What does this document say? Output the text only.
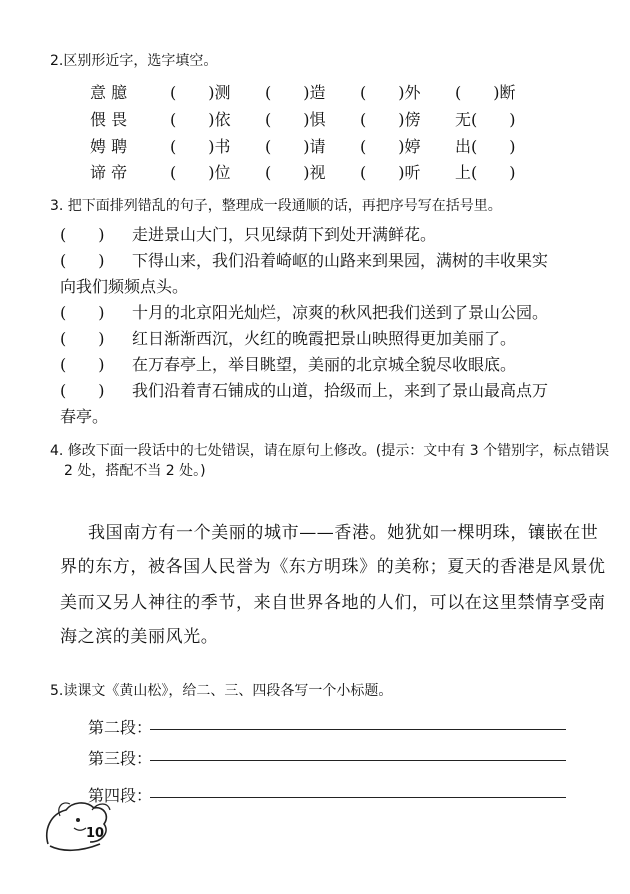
2.区别形近字，选字填空。
意 臆	(　　)测 (　　)造 (　　)外 (　　)断
偎 畏	(　　)依 (　　)惧 (　　)傍 无(　　)
娉 聘	(　　)书 (　　)请 (　　)婷 出(　　)
谛 帝	(　　)位 (　　)视 (　　)听 上(　　)
3. 把下面排列错乱的句子，整理成一段通顺的话，再把序号写在括号里。
(　　) 走进景山大门，只见绿荫下到处开满鲜花。
(　　) 下得山来，我们沿着崎岖的山路来到果园，满树的丰收果实
向我们频频点头。
(　　) 十月的北京阳光灿烂，凉爽的秋风把我们送到了景山公园。
(　　) 红日渐渐西沉，火红的晚霞把景山映照得更加美丽了。
(　　) 在万春亭上，举目眺望，美丽的北京城全貌尽收眼底。
(　　) 我们沿着青石铺成的山道，拾级而上，来到了景山最高点万
春亭。
4. 修改下面一段话中的七处错误，请在原句上修改。(提示：文中有 3 个错别字，标点错误
2 处，搭配不当 2 处。)
我国南方有一个美丽的城市——香港。她犹如一棵明珠，镶嵌在世
界的东方，被各国人民誉为《东方明珠》的美称；夏天的香港是风景优
美而又另人神往的季节，来自世界各地的人们，可以在这里禁情享受南
海之滨的美丽风光。
5.读课文《黄山松》，给二、三、四段各写一个小标题。
第二段：
第三段：
第四段：
10
